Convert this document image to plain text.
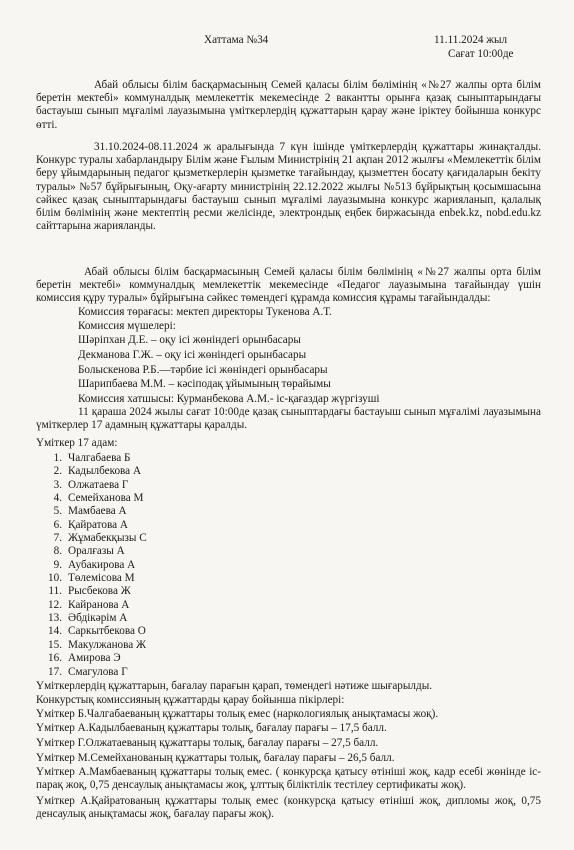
Хаттама №34	11.11.2024 жыл
Сағат 10:00де
Абай облысы білім басқармасының Семей қаласы білім бөлімінің «№27 жалпы орта білім беретін мектебі» коммуналдық мемлекеттік мекемесінде 2 вакантты орынға қазақ сыныптарындағы бастауыш сынып мұғалімі лауазымына үміткерлердің құжаттарын қарау және іріктеу бойынша конкурс өтті.
31.10.2024-08.11.2024 ж аралығында 7 күн ішінде үміткерлердің құжаттары жинақталды. Конкурс туралы хабарландыру Білім және Ғылым Министрінің 21 ақпан 2012 жылғы «Мемлекеттік білім беру ұйымдарының педагог қызметкерлерін қызметке тағайындау, қызметтен босату қағидаларын бекіту туралы» №57 бұйрығының, Оқу-ағарту министрінің 22.12.2022 жылғы №513 бұйрықтың қосымшасына сәйкес қазақ сыныптарындағы бастауыш сынып мұғалімі лауазымына конкурс жарияланып, қалалық білім бөлімінің және мектептің ресми желісінде, электрондық еңбек биржасында enbek.kz, nobd.edu.kz сайттарына жарияланды.
Абай облысы білім басқармасының Семей қаласы білім бөлімінің «№27 жалпы орта білім беретін мектебі» коммуналдық мемлекеттік мекемесінде «Педагог лауазымына тағайындау үшін комиссия құру туралы» бұйрығына сәйкес төмендегі құрамда комиссия құрамы тағайындалды:
Комиссия төрағасы: мектеп директоры Тукенова А.Т.
Комиссия мүшелері:
Шәріпхан Д.Е. – оқу ісі жөніндегі орынбасары
Декманова Г.Ж. – оқу ісі жөніндегі орынбасары
Болыскенова Р.Б.—тәрбие ісі жөніндегі орынбасары
Шарипбаева М.М. – кәсіподақ ұйымының төрайымы
Комиссия хатшысы: Курманбекова А.М.- іс-қағаздар жүргізуші
11 қараша 2024 жылы сағат 10:00де қазақ сыныптардағы бастауыш сынып мұғалімі лауазымына үміткерлер 17 адамның құжаттары қаралды.
Үміткер 17 адам:
1. Чалгабаева Б
2. Кадылбекова А
3. Олжатаева Г
4. Семейханова М
5. Мамбаева А
6. Қайратова А
7. Жұмабекқызы С
8. Оралғазы А
9. Аубакирова А
10. Төлемісова М
11. Рысбекова Ж
12. Кайранова А
13. Әбдікәрім А
14. Саркытбекова О
15. Макулжанова Ж
16. Амирова Э
17. Смагулова Г
Үміткерлердің құжаттарын, бағалау парағын қарап, төмендегі нәтиже шығарылды.
Конкурстық комиссияның құжаттарды қарау бойынша пікірлері:
Үміткер Б.Чалгабаеваның құжаттары толық емес (наркологиялық анықтамасы жоқ).
Үміткер А.Кадылбаеваның құжаттары толық, бағалау парағы – 17,5 балл.
Үміткер Г.Олжатаеваның құжаттары толық, бағалау парағы – 27,5 балл.
Үміткер М.Семейханованың құжаттары толық, бағалау парағы – 26,5 балл.
Үміткер А.Мамбаеваның құжаттары толық емес. ( конкурсқа қатысу өтініші жоқ, кадр есебі жөнінде іс-парақ жоқ, 0,75 денсаулық анықтамасы жоқ, ұлттық біліктілік тестілеу сертификаты жоқ).
Үміткер А.Қайратованың құжаттары толық емес (конкурсқа қатысу өтініші жоқ, дипломы жоқ, 0,75 денсаулық анықтамасы жоқ, бағалау парағы жоқ).
